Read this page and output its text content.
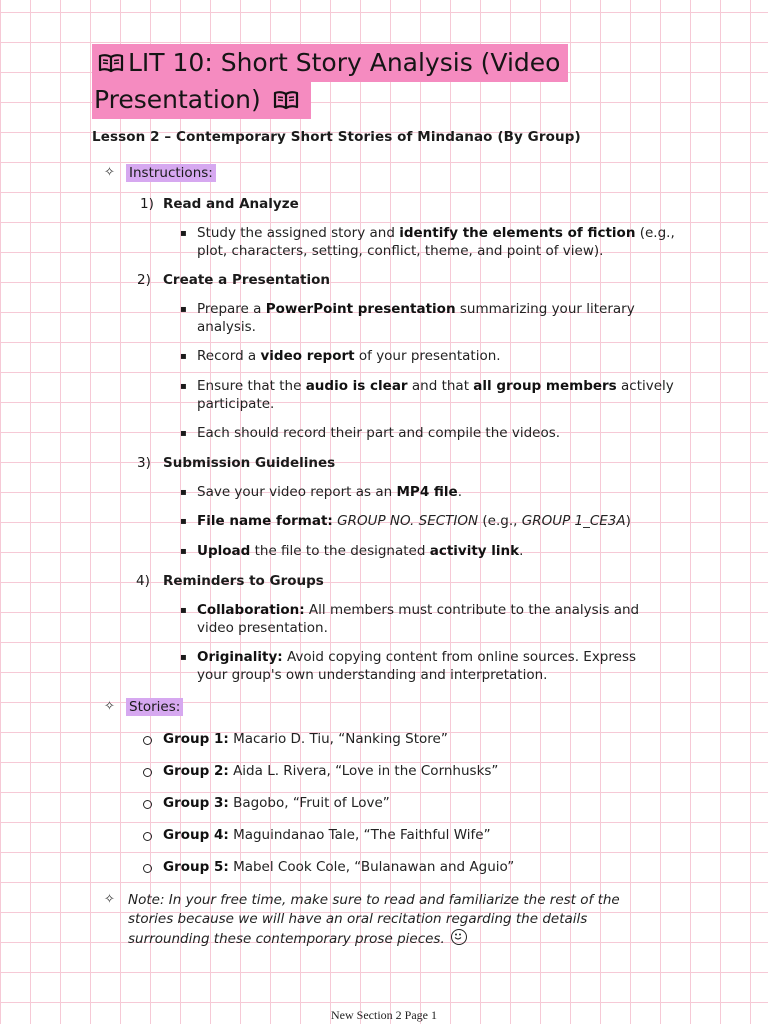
LIT 10: Short Story Analysis (Video
Presentation)
Lesson 2 – Contemporary Short Stories of Mindanao (By Group)
✧ Instructions:
1) Read and Analyze
▪ Study the assigned story and identify the elements of fiction (e.g.,
plot, characters, setting, conflict, theme, and point of view).
2) Create a Presentation
▪ Prepare a PowerPoint presentation summarizing your literary
analysis.
▪ Record a video report of your presentation.
▪ Ensure that the audio is clear and that all group members actively
participate.
▪ Each should record their part and compile the videos.
3) Submission Guidelines
▪ Save your video report as an MP4 file.
▪ File name format: GROUP NO. SECTION (e.g., GROUP 1_CE3A)
▪ Upload the file to the designated activity link.
4) Reminders to Groups
▪ Collaboration: All members must contribute to the analysis and
video presentation.
▪ Originality: Avoid copying content from online sources. Express
your group's own understanding and interpretation.
✧ Stories:
Group 1: Macario D. Tiu, “Nanking Store”
Group 2: Aida L. Rivera, “Love in the Cornhusks”
Group 3: Bagobo, “Fruit of Love”
Group 4: Maguindanao Tale, “The Faithful Wife”
Group 5: Mabel Cook Cole, “Bulanawan and Aguio”
✧ Note: In your free time, make sure to read and familiarize the rest of the
stories because we will have an oral recitation regarding the details
surrounding these contemporary prose pieces.
New Section 2 Page 1
